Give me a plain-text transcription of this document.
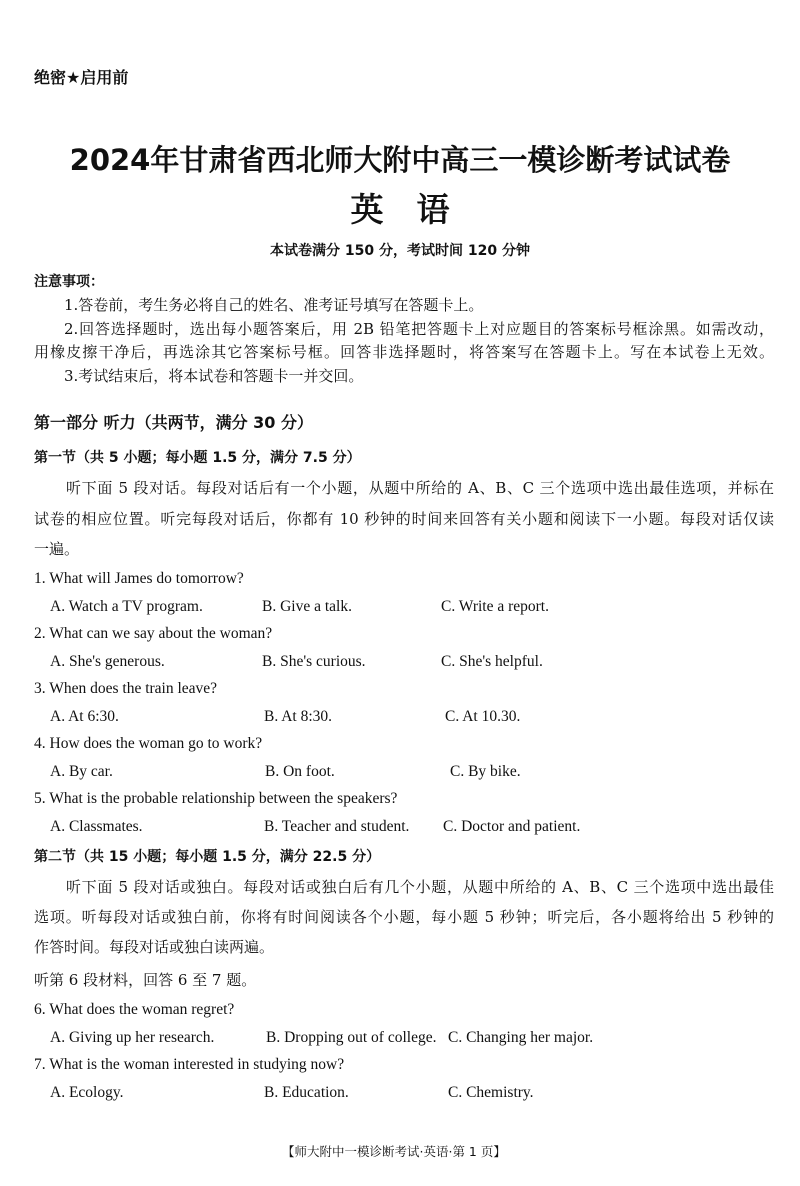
绝密★启用前
2024年甘肃省西北师大附中高三一模诊断考试试卷
英　语
本试卷满分 150 分，考试时间 120 分钟
注意事项：
1.答卷前，考生务必将自己的姓名、准考证号填写在答题卡上。
2.回答选择题时，选出每小题答案后，用 2B 铅笔把答题卡上对应题目的答案标号框涂黑。如需改动，
用橡皮擦干净后，再选涂其它答案标号框。回答非选择题时，将答案写在答题卡上。写在本试卷上无效。
3.考试结束后，将本试卷和答题卡一并交回。
第一部分 听力（共两节，满分 30 分）
第一节（共 5 小题；每小题 1.5 分，满分 7.5 分）
听下面 5 段对话。每段对话后有一个小题，从题中所给的 A、B、C 三个选项中选出最佳选项，并标在
试卷的相应位置。听完每段对话后，你都有 10 秒钟的时间来回答有关小题和阅读下一小题。每段对话仅读
一遍。
1. What will James do tomorrow?
A. Watch a TV program.	B. Give a talk.	C. Write a report.
2. What can we say about the woman?
A. She's generous.	B. She's curious.	C. She's helpful.
3. When does the train leave?
A. At 6:30.	B. At 8:30.	C. At 10.30.
4. How does the woman go to work?
A. By car.	B. On foot.	C. By bike.
5. What is the probable relationship between the speakers?
A. Classmates.	B. Teacher and student. C. Doctor and patient.
第二节（共 15 小题；每小题 1.5 分，满分 22.5 分）
听下面 5 段对话或独白。每段对话或独白后有几个小题，从题中所给的 A、B、C 三个选项中选出最佳
选项。听每段对话或独白前，你将有时间阅读各个小题，每小题 5 秒钟；听完后，各小题将给出 5 秒钟的
作答时间。每段对话或独白读两遍。
听第 6 段材料，回答 6 至 7 题。
6. What does the woman regret?
A. Giving up her research.	B. Dropping out of college. C. Changing her major.
7. What is the woman interested in studying now?
A. Ecology.	B. Education.	C. Chemistry.
【师大附中一模诊断考试·英语·第 1 页】
